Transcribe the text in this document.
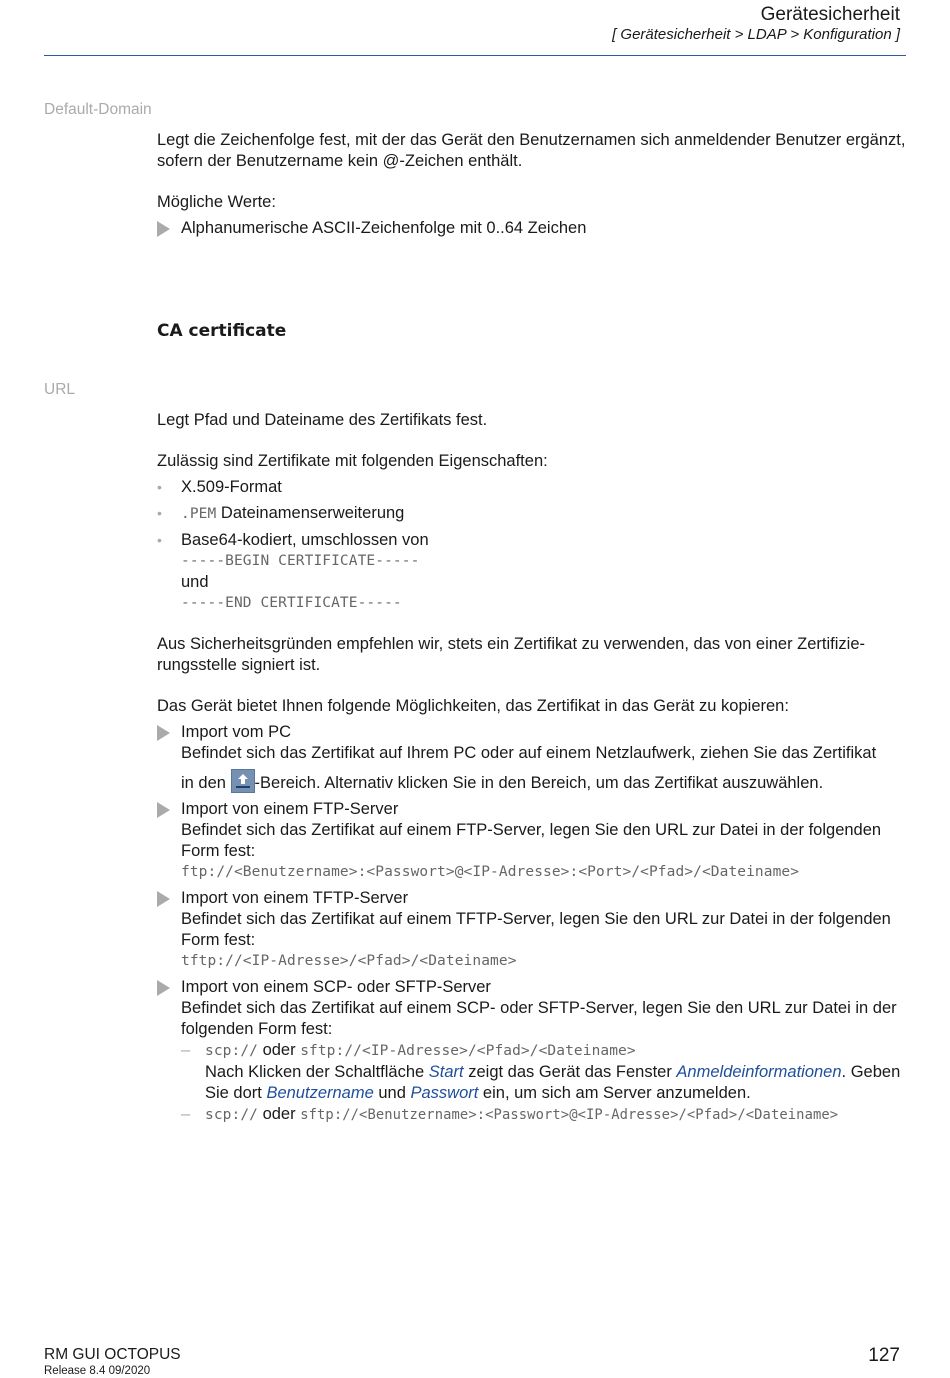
Gerätesicherheit
[ Gerätesicherheit > LDAP > Konfiguration ]
Default-Domain

Legt die Zeichenfolge fest, mit der das Gerät den Benutzernamen sich anmeldender Benutzer ergänzt, sofern der Benutzername kein @-Zeichen enthält.

Mögliche Werte:

Alphanumerische ASCII-Zeichenfolge mit 0..64 Zeichen
CA certificate
URL

Legt Pfad und Dateiname des Zertifikats fest.

Zulässig sind Zertifikate mit folgenden Eigenschaften:

• X.509-Format
• .PEM Dateinamenserweiterung
• Base64-kodiert, umschlossen von
-----BEGIN CERTIFICATE-----
und
-----END CERTIFICATE-----

Aus Sicherheitsgründen empfehlen wir, stets ein Zertifikat zu verwenden, das von einer Zertifizierungsstelle signiert ist.

Das Gerät bietet Ihnen folgende Möglichkeiten, das Zertifikat in das Gerät zu kopieren:

Import vom PC
Befindet sich das Zertifikat auf Ihrem PC oder auf einem Netzlaufwerk, ziehen Sie das Zertifikat
in den
-Bereich. Alternativ klicken Sie in den Bereich, um das Zertifikat auszuwählen.
Import von einem FTP-Server
Befindet sich das Zertifikat auf einem FTP-Server, legen Sie den URL zur Datei in der folgenden Form fest:
ftp://<Benutzername>:<Passwort>@<IP-Adresse>:<Port>/<Pfad>/<Dateiname>
Import von einem TFTP-Server
Befindet sich das Zertifikat auf einem TFTP-Server, legen Sie den URL zur Datei in der folgenden Form fest:
tftp://<IP-Adresse>/<Pfad>/<Dateiname>
Import von einem SCP- oder SFTP-Server
Befindet sich das Zertifikat auf einem SCP- oder SFTP-Server, legen Sie den URL zur Datei in der folgenden Form fest:
– scp:// oder sftp://<IP-Adresse>/<Pfad>/<Dateiname>
Nach Klicken der Schaltfläche Start zeigt das Gerät das Fenster Anmeldeinformationen. Geben Sie dort Benutzername und Passwort ein, um sich am Server anzumelden.
– scp:// oder sftp://<Benutzername>:<Passwort>@<IP-Adresse>/<Pfad>/<Dateiname>
RM GUI OCTOPUS
Release 8.4 09/2020
127
